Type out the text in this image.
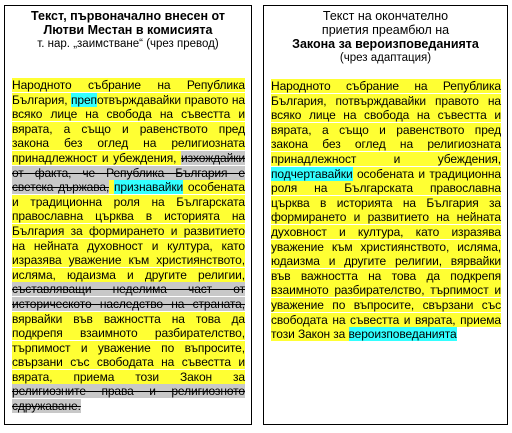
Текст, първоначално внесен от
Лютви Местан в комисията
т. нар. „заимстване“ (чрез превод)
Народното събрание на Република България, препотвърждавайки правото на всяко лице на свобода на съвестта и вярата, а също и равенството пред закона без оглед на религиозната принадлежност и убеждения, изхождайки от факта, че Република България е светска държава, признавайки особената и традиционна роля на Българската православна църква в историята на България за формирането и развитието на нейната духовност и култура, като изразява уважение към християнството, исляма, юдаизма и другите религии, съставляващи неделима част от историческото наследство на страната, вярвайки във важността на това да подкрепя взаимното разбирателство, търпимост и уважение по въпросите, свързани със свободата на съвестта и вярата, приема този Закон за религиозните права и религиозното сдружаване.
Текст на окончателно
приетия преамбюл на
Закона за вероизповеданията
(чрез адаптация)
Народното събрание на Република България, потвърждавайки правото на всяко лице на свобода на съвестта и вярата, а също и равенството пред закона без оглед на религиозната принадлежност и убеждения, подчертавайки особената и традиционна роля на Българската православна църква в историята на България за формирането и развитието на нейната духовност и култура, като изразява уважение към християнството, исляма, юдаизма и другите религии, вярвайки във важността на това да подкрепя взаимното разбирателство, търпимост и уважение по въпросите, свързани със свободата на съвестта и вярата, приема този Закон за вероизповеданията
